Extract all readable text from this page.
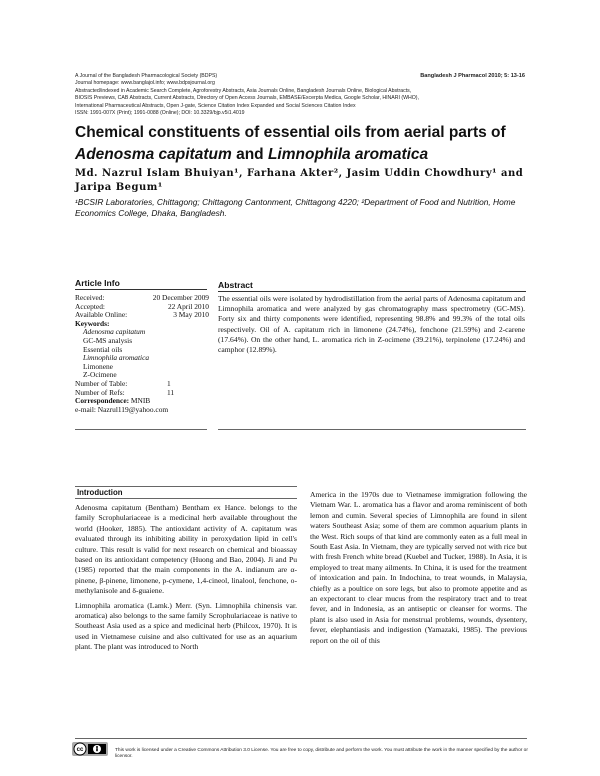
A Journal of the Bangladesh Pharmacological Society (BDPS)
Journal homepage: www.banglajol.info; www.bdpsjournal.org
Abstracted/indexed in Academic Search Complete, Agroforestry Abstracts, Asia Journals Online, Bangladesh Journals Online, Biological Abstracts,
BIOSIS Previews, CAB Abstracts, Current Abstracts, Directory of Open Access Journals, EMBASE/Excerpta Medica, Google Scholar, HINARI (WHO),
International Pharmaceutical Abstracts, Open J-gate, Science Citation Index Expanded and Social Sciences Citation Index
ISSN: 1991-007X (Print); 1991-0088 (Online); DOI: 10.3329/bjp.v5i1.4019
Bangladesh J Pharmacol 2010; 5: 13-16
Chemical constituents of essential oils from aerial parts of
Adenosma capitatum and Limnophila aromatica
Md. Nazrul Islam Bhuiyan¹, Farhana Akter², Jasim Uddin Chowdhury¹ and
Jaripa Begum¹
¹BCSIR Laboratories, Chittagong; Chittagong Cantonment, Chittagong 4220; ²Department of Food and Nutrition, Home Economics College, Dhaka, Bangladesh.
Article Info
Received:	20 December 2009
Accepted:	22 April 2010
Available Online:	3 May 2010
Keywords:
Adenosma capitatum
GC-MS analysis
Essential oils
Limnophila aromatica
Limonene
Z-Ocimene
Number of Table:	1
Number of Refs:	11
Correspondence: MNIB
e-mail: Nazrul119@yahoo.com
Abstract
The essential oils were isolated by hydrodistillation from the aerial parts of Adenosma capitatum and Limnophila aromatica and were analyzed by gas chromatography mass spectrometry (GC-MS). Forty six and thirty components were identified, representing 98.8% and 99.3% of the total oils respectively. Oil of A. capitatum rich in limonene (24.74%), fenchone (21.59%) and 2-carene (17.64%). On the other hand, L. aromatica rich in Z-ocimene (39.21%), terpinolene (17.24%) and camphor (12.89%).
Introduction

Adenosma capitatum (Bentham) Bentham ex Hance. belongs to the family Scrophulariaceae is a medicinal herb available throughout the world (Hooker, 1885). The antioxidant activity of A. capitatum was evaluated through its inhibiting ability in peroxydation lipid in cell's culture. This result is valid for next research on chemical and bioassay based on its antioxidant competency (Huong and Bao, 2004). Ji and Pu (1985) reported that the main components in the A. indianum are α-pinene, β-pinene, limonene, p-cymene, 1,4-cineol, linalool, fenchone, o-methylanisole and δ-guaiene.

Limnophila aromatica (Lamk.) Merr. (Syn. Limnophila chinensis var. aromatica) also belongs to the same family Scrophulariaceae is native to Southeast Asia used as a spice and medicinal herb (Philcox, 1970). It is used in Vietnamese cuisine and also cultivated for use as an aquarium plant. The plant was introduced to North

America in the 1970s due to Vietnamese immigration following the Vietnam War. L. aromatica has a flavor and aroma reminiscent of both lemon and cumin. Several species of Limnophila are found in silent waters Southeast Asia; some of them are common aquarium plants in the West. Rich soups of that kind are commonly eaten as a full meal in South East Asia. In Vietnam, they are typically served not with rice but with fresh French white bread (Kuebel and Tucker, 1988). In Asia, it is employed to treat many ailments. In China, it is used for the treatment of intoxication and pain. In Indochina, to treat wounds, in Malaysia, chiefly as a poultice on sore legs, but also to promote appetite and as an expectorant to clear mucus from the respiratory tract and to treat fever, and in Indonesia, as an antiseptic or cleanser for worms. The plant is also used in Asia for menstrual problems, wounds, dysentery, fever, elephantiasis and indigestion (Yamazaki, 1985). The previous report on the oil of this

cc	This work is licensed under a Creative Commons Attribution 3.0 License. You are free to copy, distribute and perform the work. You must attribute the work in the manner specified by the author or licensor.
